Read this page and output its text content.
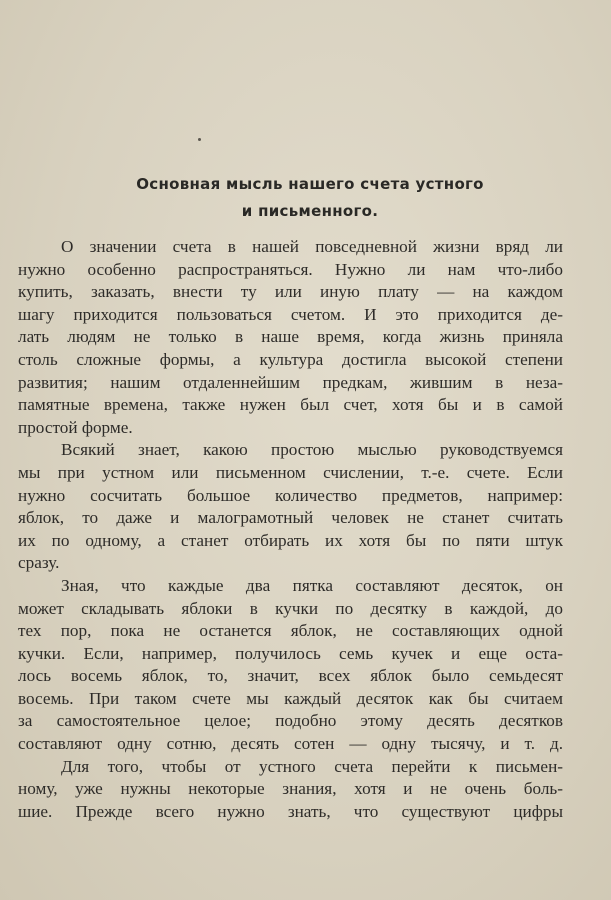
Основная мысль нашего счета устного
и письменного.
О значении счета в нашей повседневной жизни вряд ли
нужно особенно распространяться. Нужно ли нам что-либо
купить, заказать, внести ту или иную плату — на каждом
шагу приходится пользоваться счетом. И это приходится де-
лать людям не только в наше время, когда жизнь приняла
столь сложные формы, а культура достигла высокой степени
развития; нашим отдаленнейшим предкам, жившим в неза-
памятные времена, также нужен был счет, хотя бы и в самой
простой форме.
Всякий знает, какою простою мыслью руководствуемся
мы при устном или письменном счислении, т.-е. счете. Если
нужно сосчитать большое количество предметов, например:
яблок, то даже и малограмотный человек не станет считать
их по одному, а станет отбирать их хотя бы по пяти штук
сразу.
Зная, что каждые два пятка составляют десяток, он
может складывать яблоки в кучки по десятку в каждой, до
тех пор, пока не останется яблок, не составляющих одной
кучки. Если, например, получилось семь кучек и еще оста-
лось восемь яблок, то, значит, всех яблок было семьдесят
восемь. При таком счете мы каждый десяток как бы считаем
за самостоятельное целое; подобно этому десять десятков
составляют одну сотню, десять сотен — одну тысячу, и т. д.
Для того, чтобы от устного счета перейти к письмен-
ному, уже нужны некоторые знания, хотя и не очень боль-
шие. Прежде всего нужно знать, что существуют цифры
